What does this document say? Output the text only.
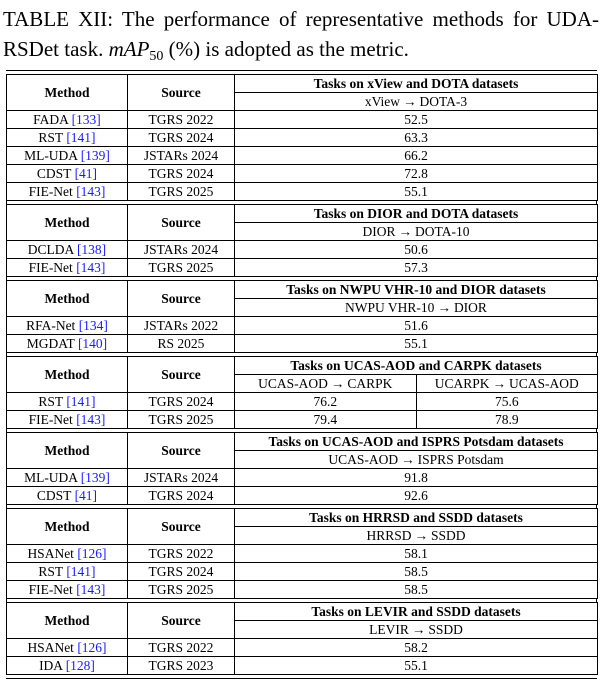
TABLE XII: The performance of representative methods for UDA-RSDet task. mAP$_{50}$ (%) is adopted as the metric.

Method	Source	Tasks on xView and DOTA datasets
		xView → DOTA-3
FADA [133]	TGRS 2022	52.5
RST [141]	TGRS 2024	63.3
ML-UDA [139]	JSTARs 2024	66.2
CDST [41]	TGRS 2024	72.8
FIE-Net [143]	TGRS 2025	55.1
Method	Source	Tasks on DIOR and DOTA datasets
		DIOR → DOTA-10
DCLDA [138]	JSTARs 2024	50.6
FIE-Net [143]	TGRS 2025	57.3
Method	Source	Tasks on NWPU VHR-10 and DIOR datasets
		NWPU VHR-10 → DIOR
RFA-Net [134]	JSTARs 2022	51.6
MGDAT [140]	RS 2025	55.1
Method	Source	Tasks on UCAS-AOD and CARPK datasets	
		UCAS-AOD → CARPK	UCARPK → UCAS-AOD
RST [141]	TGRS 2024	76.2	75.6
FIE-Net [143]	TGRS 2025	79.4	78.9
Method	Source	Tasks on UCAS-AOD and ISPRS Potsdam datasets
		UCAS-AOD → ISPRS Potsdam
ML-UDA [139]	JSTARs 2024	91.8
CDST [41]	TGRS 2024	92.6
Method	Source	Tasks on HRRSD and SSDD datasets
		HRRSD → SSDD
HSANet [126]	TGRS 2022	58.1
RST [141]	TGRS 2024	58.5
FIE-Net [143]	TGRS 2025	58.5
Method	Source	Tasks on LEVIR and SSDD datasets
		LEVIR → SSDD
HSANet [126]	TGRS 2022	58.2
IDA [128]	TGRS 2023	55.1
